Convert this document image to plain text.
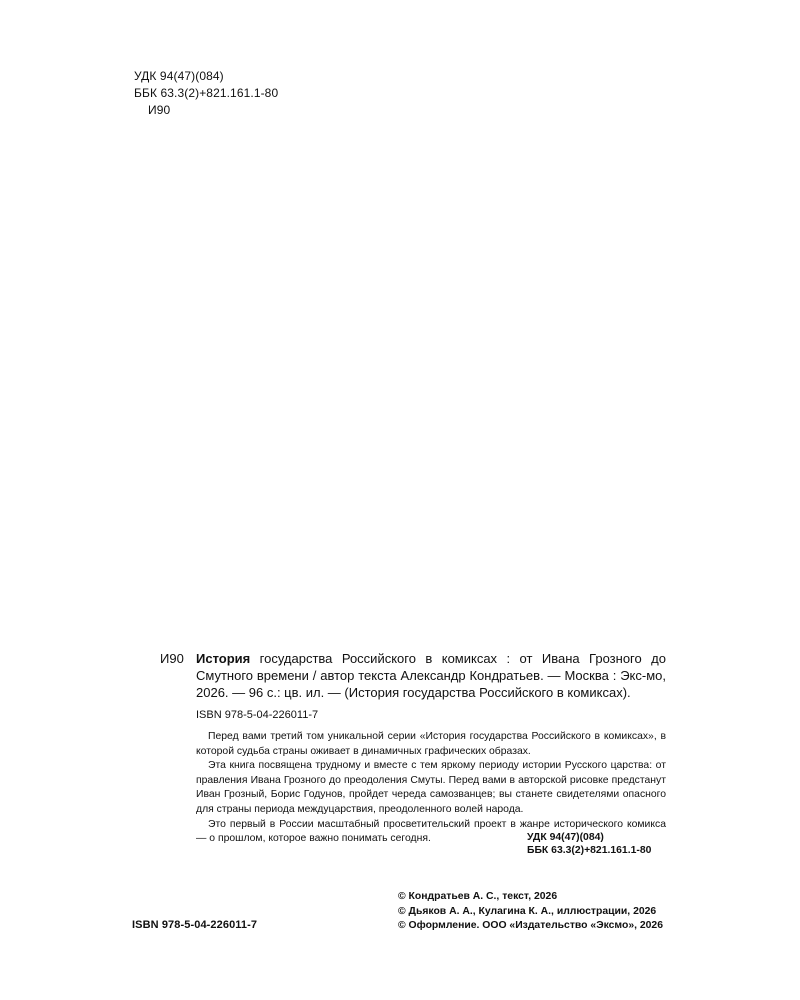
УДК 94(47)(084)
ББК 63.3(2)+821.161.1-80
И90
И90 История государства Российского в комиксах : от Ивана Грозного до Смутного времени / автор текста Александр Кондратьев. — Москва : Экс-мо, 2026. — 96 с.: цв. ил. — (История государства Российского в комиксах).
ISBN 978-5-04-226011-7

Перед вами третий том уникальной серии «История государства Российского в комиксах», в которой судьба страны оживает в динамичных графических образах.

Эта книга посвящена трудному и вместе с тем яркому периоду истории Русского царства: от правления Ивана Грозного до преодоления Смуты. Перед вами в авторской рисовке предстанут Иван Грозный, Борис Годунов, пройдет череда самозванцев; вы станете свидетелями опасного для страны периода междуцарствия, преодоленного волей народа.

Это первый в России масштабный просветительский проект в жанре исторического комикса — о прошлом, которое важно понимать сегодня.	УДК 94(47)(084)
ББК 63.3(2)+821.161.1-80
ISBN 978-5-04-226011-7
© Кондратьев А. С., текст, 2026
© Дьяков А. А., Кулагина К. А., иллюстрации, 2026
© Оформление. ООО «Издательство «Эксмо», 2026
